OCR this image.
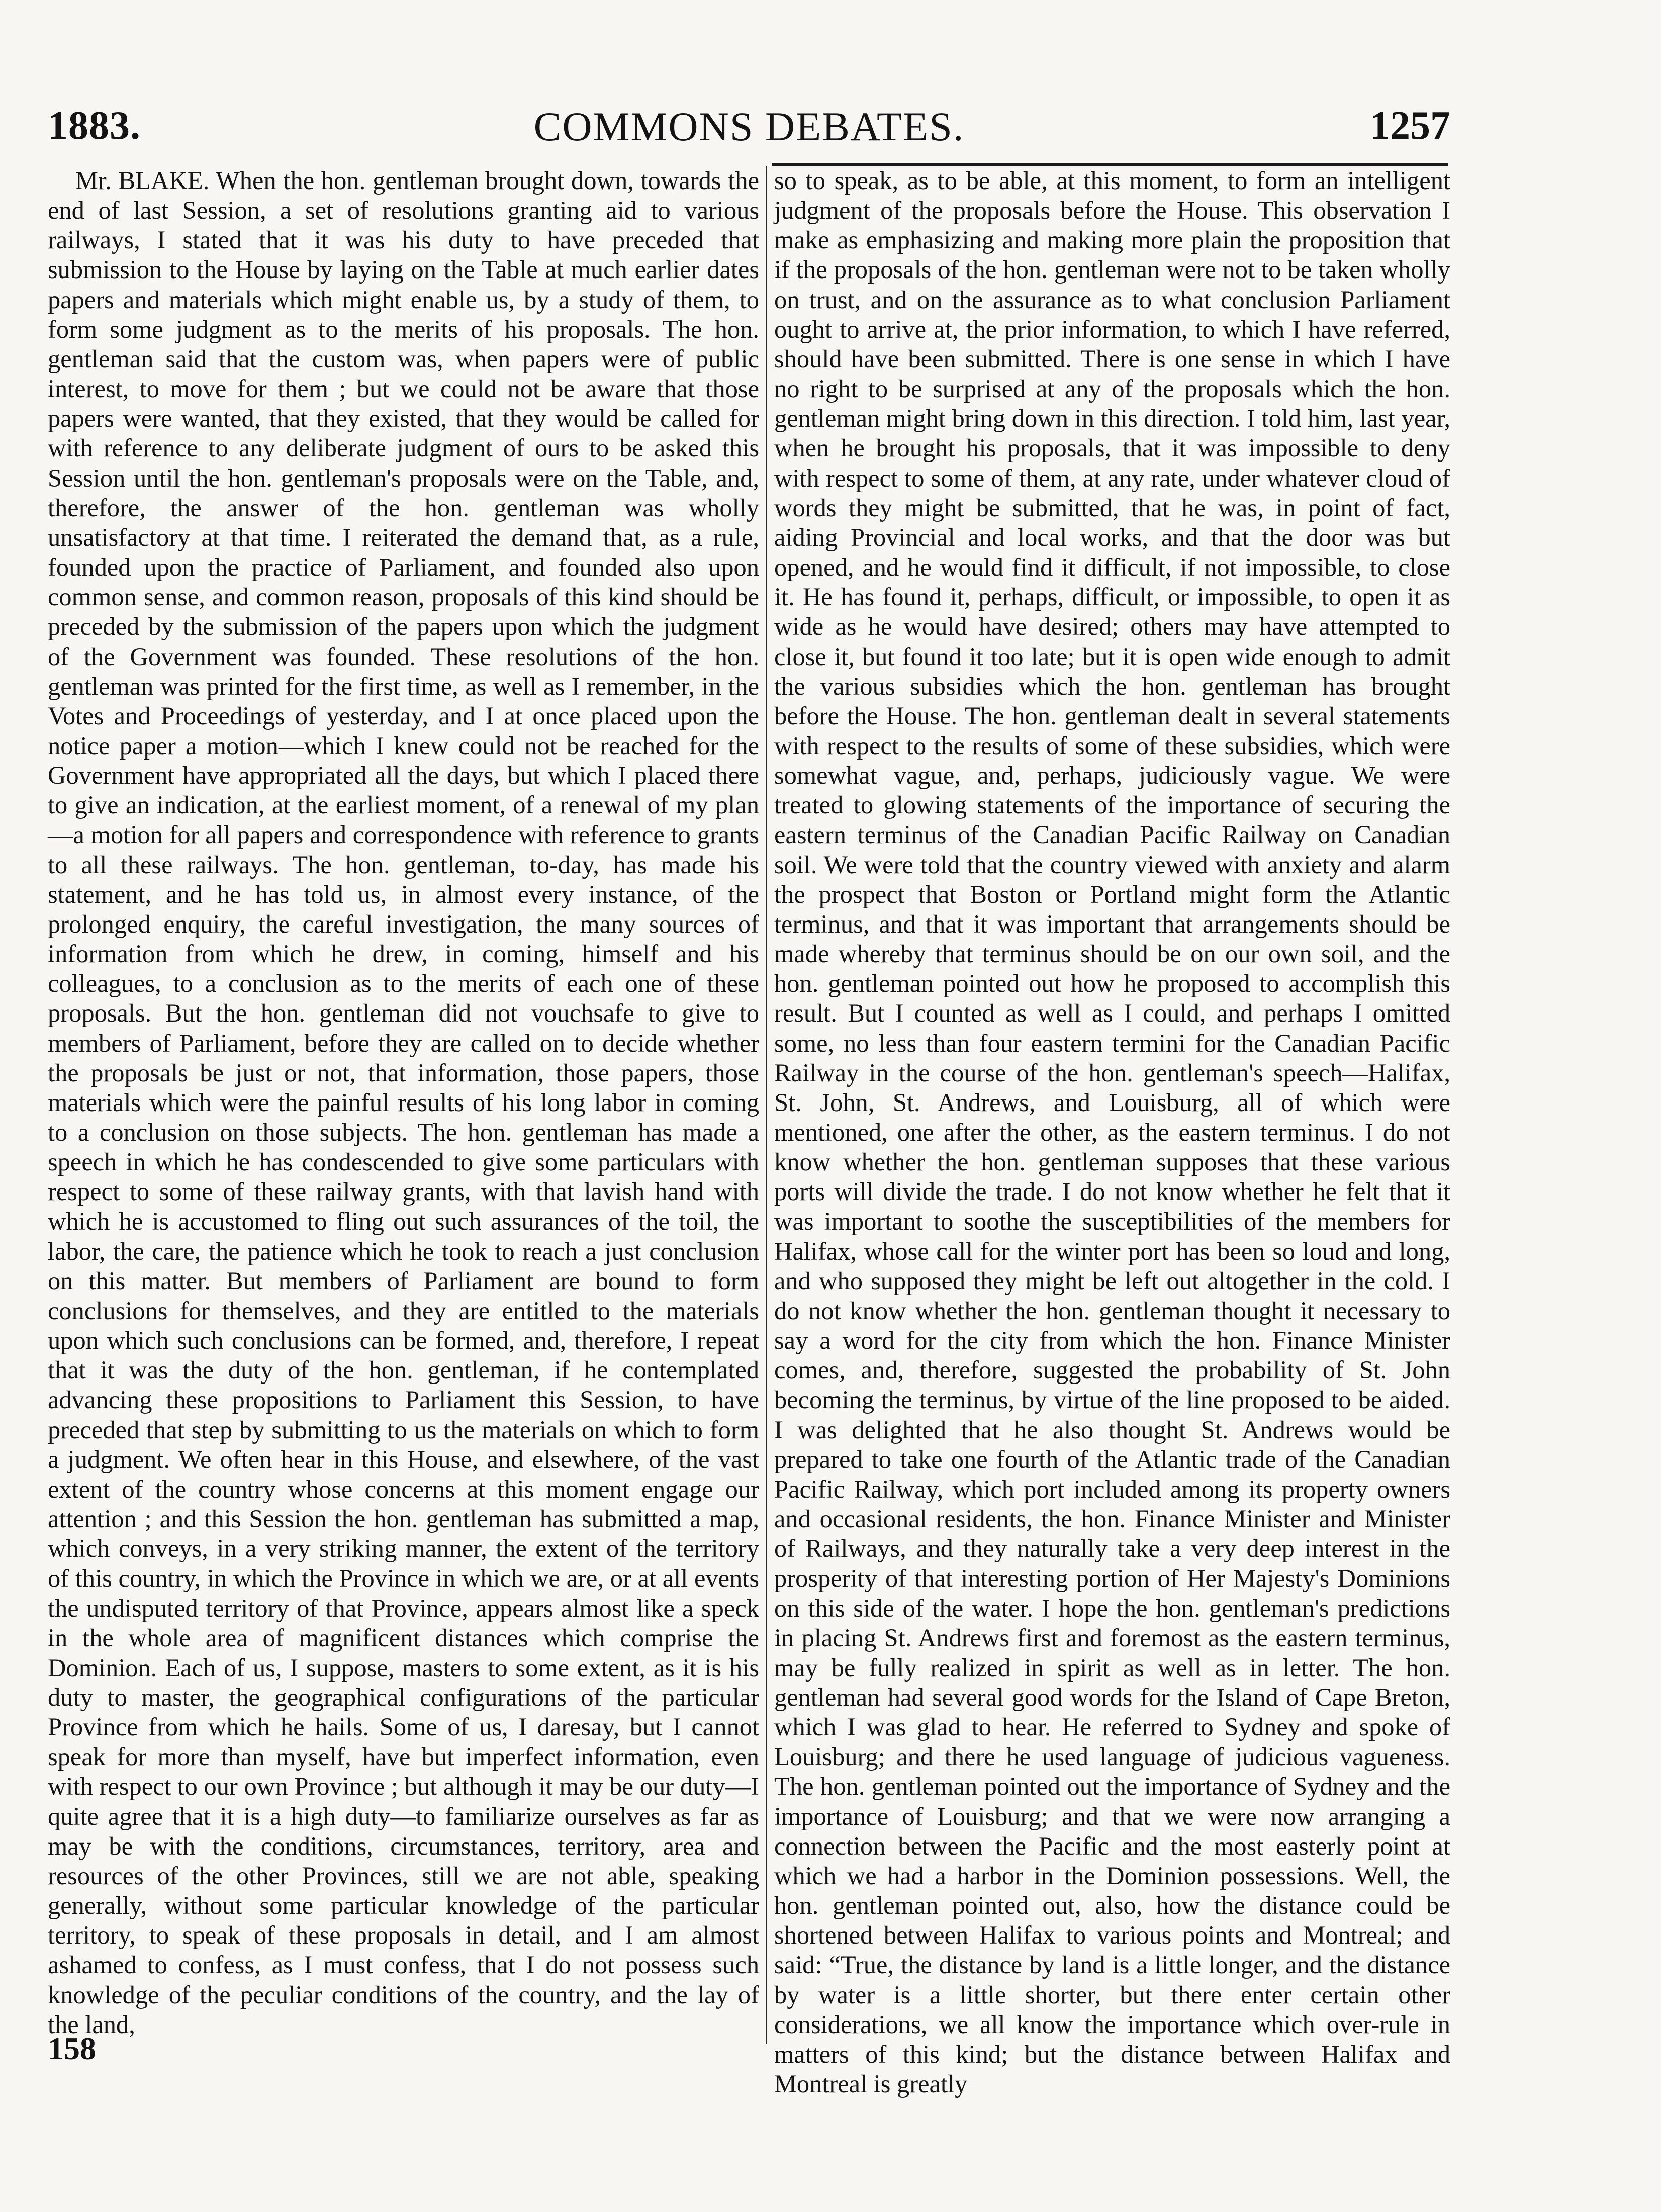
1883.	COMMONS DEBATES.	1257

Mr. BLAKE. When the hon. gentleman brought down, towards the end of last Session, a set of resolutions granting aid to various railways, I stated that it was his duty to have preceded that submission to the House by laying on the Table at much earlier dates papers and materials which might enable us, by a study of them, to form some judgment as to the merits of his proposals. The hon. gentleman said that the custom was, when papers were of public interest, to move for them ; but we could not be aware that those papers were wanted, that they existed, that they would be called for with reference to any deliberate judgment of ours to be asked this Session until the hon. gentleman's proposals were on the Table, and, therefore, the answer of the hon. gentleman was wholly unsatisfactory at that time. I reiterated the demand that, as a rule, founded upon the practice of Parliament, and founded also upon common sense, and common reason, proposals of this kind should be preceded by the submission of the papers upon which the judgment of the Government was founded. These resolutions of the hon. gentleman was printed for the first time, as well as I remember, in the Votes and Proceedings of yesterday, and I at once placed upon the notice paper a motion—which I knew could not be reached for the Government have appropriated all the days, but which I placed there to give an indication, at the earliest moment, of a renewal of my plan—a motion for all papers and correspondence with reference to grants to all these railways. The hon. gentleman, to-day, has made his statement, and he has told us, in almost every instance, of the prolonged enquiry, the careful investigation, the many sources of information from which he drew, in coming, himself and his colleagues, to a conclusion as to the merits of each one of these proposals. But the hon. gentleman did not vouchsafe to give to members of Parliament, before they are called on to decide whether the proposals be just or not, that information, those papers, those materials which were the painful results of his long labor in coming to a conclusion on those subjects. The hon. gentleman has made a speech in which he has condescended to give some particulars with respect to some of these railway grants, with that lavish hand with which he is accustomed to fling out such assurances of the toil, the labor, the care, the patience which he took to reach a just conclusion on this matter. But members of Parliament are bound to form conclusions for themselves, and they are entitled to the materials upon which such conclusions can be formed, and, therefore, I repeat that it was the duty of the hon. gentleman, if he contemplated advancing these propositions to Parliament this Session, to have preceded that step by submitting to us the materials on which to form a judgment. We often hear in this House, and elsewhere, of the vast extent of the country whose concerns at this moment engage our attention ; and this Session the hon. gentleman has submitted a map, which conveys, in a very striking manner, the extent of the territory of this country, in which the Province in which we are, or at all events the undisputed territory of that Province, appears almost like a speck in the whole area of magnificent distances which comprise the Dominion. Each of us, I suppose, masters to some extent, as it is his duty to master, the geographical configurations of the particular Province from which he hails. Some of us, I daresay, but I cannot speak for more than myself, have but imperfect information, even with respect to our own Province ; but although it may be our duty—I quite agree that it is a high duty—to familiarize ourselves as far as may be with the conditions, circumstances, territory, area and resources of the other Provinces, still we are not able, speaking generally, without some particular knowledge of the particular territory, to speak of these proposals in detail, and I am almost ashamed to confess, as I must confess, that I do not possess such knowledge of the peculiar conditions of the country, and the lay of the land,

so to speak, as to be able, at this moment, to form an intelligent judgment of the proposals before the House. This observation I make as emphasizing and making more plain the proposition that if the proposals of the hon. gentleman were not to be taken wholly on trust, and on the assurance as to what conclusion Parliament ought to arrive at, the prior information, to which I have referred, should have been submitted. There is one sense in which I have no right to be surprised at any of the proposals which the hon. gentleman might bring down in this direction. I told him, last year, when he brought his proposals, that it was impossible to deny with respect to some of them, at any rate, under whatever cloud of words they might be submitted, that he was, in point of fact, aiding Provincial and local works, and that the door was but opened, and he would find it difficult, if not impossible, to close it. He has found it, perhaps, difficult, or impossible, to open it as wide as he would have desired; others may have attempted to close it, but found it too late; but it is open wide enough to admit the various subsidies which the hon. gentleman has brought before the House. The hon. gentleman dealt in several statements with respect to the results of some of these subsidies, which were somewhat vague, and, perhaps, judiciously vague. We were treated to glowing statements of the importance of securing the eastern terminus of the Canadian Pacific Railway on Canadian soil. We were told that the country viewed with anxiety and alarm the prospect that Boston or Portland might form the Atlantic terminus, and that it was important that arrangements should be made whereby that terminus should be on our own soil, and the hon. gentleman pointed out how he proposed to accomplish this result. But I counted as well as I could, and perhaps I omitted some, no less than four eastern termini for the Canadian Pacific Railway in the course of the hon. gentleman's speech—Halifax, St. John, St. Andrews, and Louisburg, all of which were mentioned, one after the other, as the eastern terminus. I do not know whether the hon. gentleman supposes that these various ports will divide the trade. I do not know whether he felt that it was important to soothe the susceptibilities of the members for Halifax, whose call for the winter port has been so loud and long, and who supposed they might be left out altogether in the cold. I do not know whether the hon. gentleman thought it necessary to say a word for the city from which the hon. Finance Minister comes, and, therefore, suggested the probability of St. John becoming the terminus, by virtue of the line proposed to be aided. I was delighted that he also thought St. Andrews would be prepared to take one fourth of the Atlantic trade of the Canadian Pacific Railway, which port included among its property owners and occasional residents, the hon. Finance Minister and Minister of Railways, and they naturally take a very deep interest in the prosperity of that interesting portion of Her Majesty's Dominions on this side of the water. I hope the hon. gentleman's predictions in placing St. Andrews first and foremost as the eastern terminus, may be fully realized in spirit as well as in letter. The hon. gentleman had several good words for the Island of Cape Breton, which I was glad to hear. He referred to Sydney and spoke of Louisburg; and there he used language of judicious vagueness. The hon. gentleman pointed out the importance of Sydney and the importance of Louisburg; and that we were now arranging a connection between the Pacific and the most easterly point at which we had a harbor in the Dominion possessions. Well, the hon. gentleman pointed out, also, how the distance could be shortened between Halifax to various points and Montreal; and said: “True, the distance by land is a little longer, and the distance by water is a little shorter, but there enter certain other considerations, we all know the importance which over-rule in matters of this kind; but the distance between Halifax and Montreal is greatly

158
